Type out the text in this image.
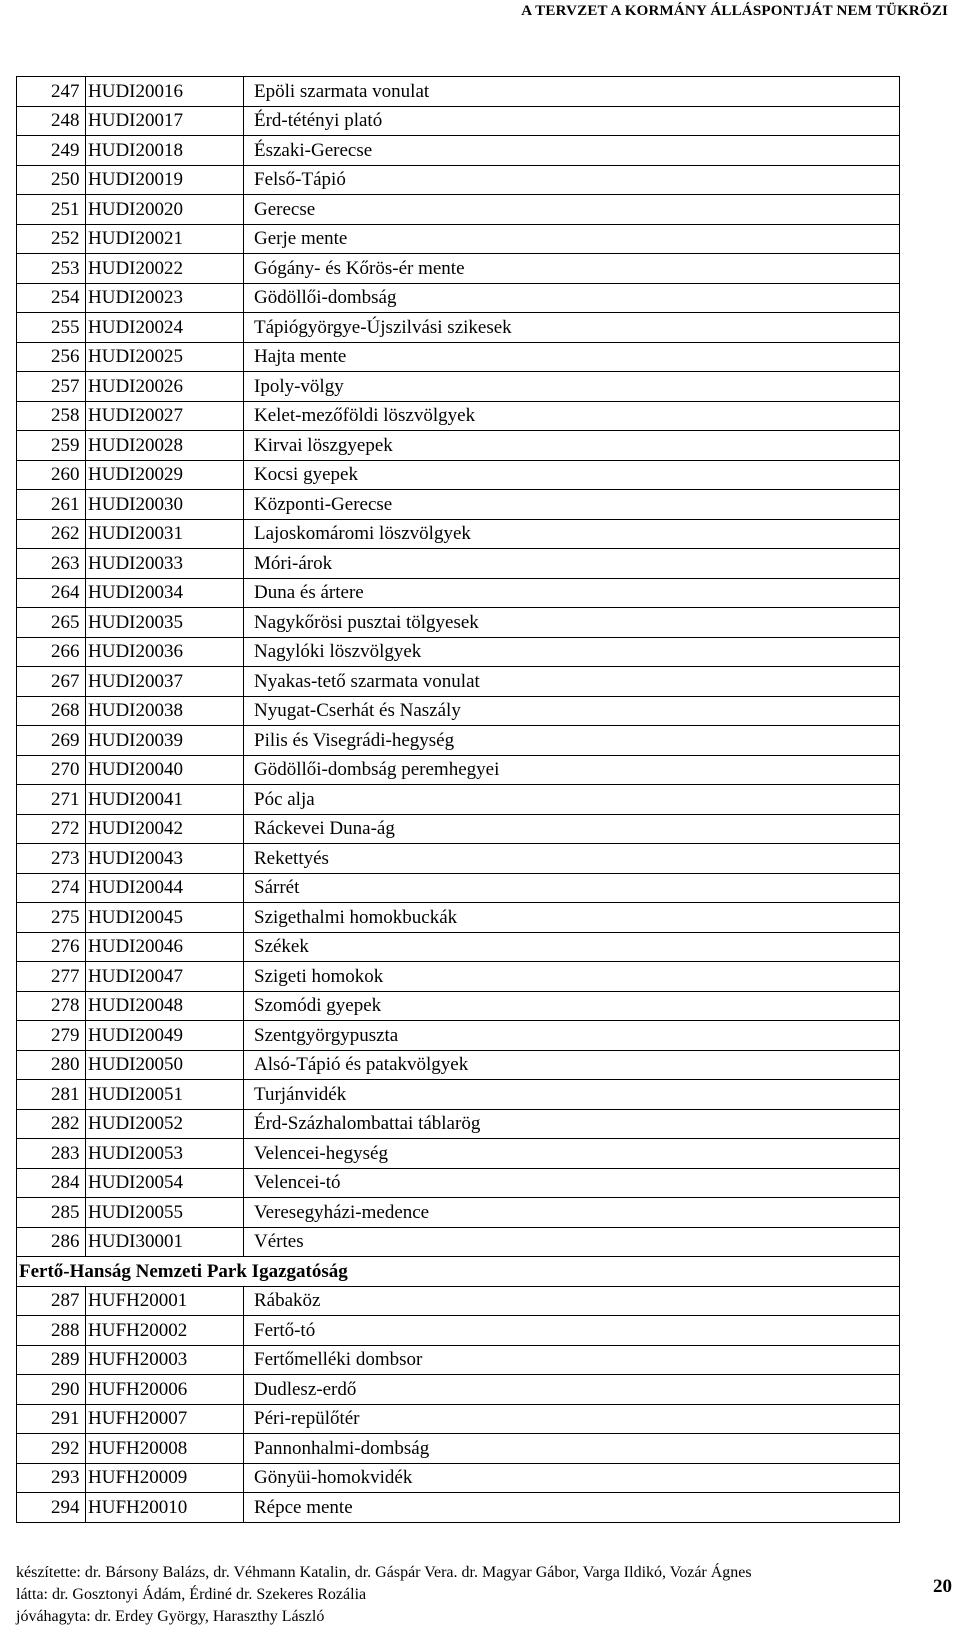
A TERVZET A KORMÁNY ÁLLÁSPONTJÁT NEM TÜKRÖZI
247	HUDI20016	Epöli szarmata vonulat
248	HUDI20017	Érd-tétényi plató
249	HUDI20018	Északi-Gerecse
250	HUDI20019	Felső-Tápió
251	HUDI20020	Gerecse
252	HUDI20021	Gerje mente
253	HUDI20022	Gógány- és Kőrös-ér mente
254	HUDI20023	Gödöllői-dombság
255	HUDI20024	Tápiógyörgye-Újszilvási szikesek
256	HUDI20025	Hajta mente
257	HUDI20026	Ipoly-völgy
258	HUDI20027	Kelet-mezőföldi löszvölgyek
259	HUDI20028	Kirvai löszgyepek
260	HUDI20029	Kocsi gyepek
261	HUDI20030	Központi-Gerecse
262	HUDI20031	Lajoskomáromi löszvölgyek
263	HUDI20033	Móri-árok
264	HUDI20034	Duna és ártere
265	HUDI20035	Nagykőrösi pusztai tölgyesek
266	HUDI20036	Nagylóki löszvölgyek
267	HUDI20037	Nyakas-tető szarmata vonulat
268	HUDI20038	Nyugat-Cserhát és Naszály
269	HUDI20039	Pilis és Visegrádi-hegység
270	HUDI20040	Gödöllői-dombság peremhegyei
271	HUDI20041	Póc alja
272	HUDI20042	Ráckevei Duna-ág
273	HUDI20043	Rekettyés
274	HUDI20044	Sárrét
275	HUDI20045	Szigethalmi homokbuckák
276	HUDI20046	Székek
277	HUDI20047	Szigeti homokok
278	HUDI20048	Szomódi gyepek
279	HUDI20049	Szentgyörgypuszta
280	HUDI20050	Alsó-Tápió és patakvölgyek
281	HUDI20051	Turjánvidék
282	HUDI20052	Érd-Százhalombattai táblarög
283	HUDI20053	Velencei-hegység
284	HUDI20054	Velencei-tó
285	HUDI20055	Veresegyházi-medence
286	HUDI30001	Vértes
Fertő-Hanság Nemzeti Park Igazgatóság		
287	HUFH20001	Rábaköz
288	HUFH20002	Fertő-tó
289	HUFH20003	Fertőmelléki dombsor
290	HUFH20006	Dudlesz-erdő
291	HUFH20007	Péri-repülőtér
292	HUFH20008	Pannonhalmi-dombság
293	HUFH20009	Gönyüi-homokvidék
294	HUFH20010	Répce mente
készítette: dr. Bársony Balázs, dr. Véhmann Katalin, dr. Gáspár Vera. dr. Magyar Gábor, Varga Ildikó, Vozár Ágnes
látta: dr. Gosztonyi Ádám, Érdiné dr. Szekeres Rozália
jóváhagyta: dr. Erdey György, Haraszthy László
20
